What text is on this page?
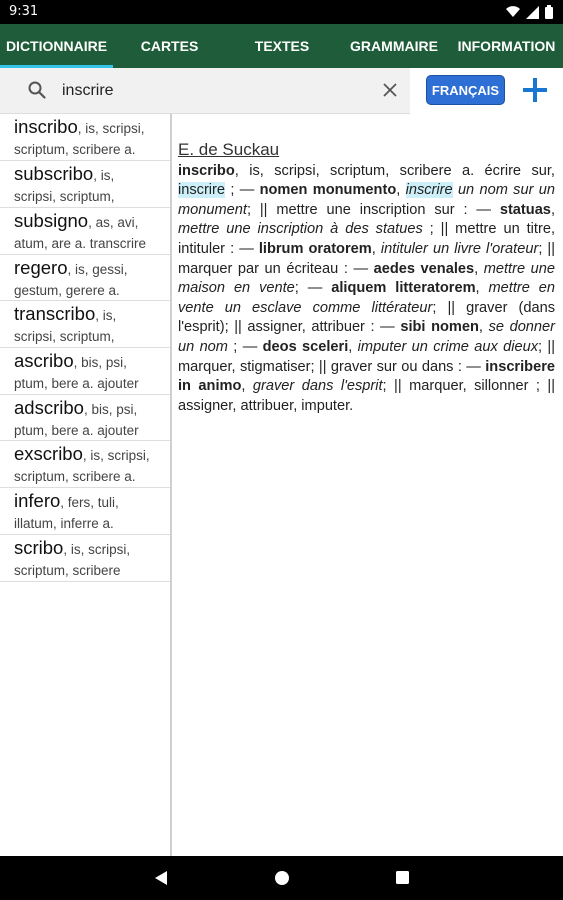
9:31
DICTIONNAIRE	CARTES	TEXTES	GRAMMAIRE	INFORMATION
inscrire
FRANÇAIS
inscribo, is, scripsi,
scriptum, scribere a.
subscribo, is,
scripsi, scriptum,
subsigno, as, avi,
atum, are a. transcrire
regero, is, gessi,
gestum, gerere a.
transcribo, is,
scripsi, scriptum,
ascribo, bis, psi,
ptum, bere a. ajouter
adscribo, bis, psi,
ptum, bere a. ajouter
exscribo, is, scripsi,
scriptum, scribere a.
infero, fers, tuli,
illatum, inferre a.
scribo, is, scripsi,
scriptum, scribere
E. de Suckau
inscribo, is, scripsi, scriptum, scribere a. écrire sur, inscrire ; — nomen monumento, inscrire un nom sur un monument; || mettre une inscription sur : — statuas, mettre une inscription à des statues ; || mettre un titre, intituler : — librum oratorem, intituler un livre l'orateur; || marquer par un écriteau : — aedes venales, mettre une maison en vente; — aliquem litteratorem, mettre en vente un esclave comme littérateur; || graver (dans l'esprit); || assigner, attribuer : — sibi nomen, se donner un nom ; — deos sceleri, imputer un crime aux dieux; || marquer, stigmatiser; || graver sur ou dans : — inscribere in animo, graver dans l'esprit; || marquer, sillonner ; || assigner, attribuer, imputer.
